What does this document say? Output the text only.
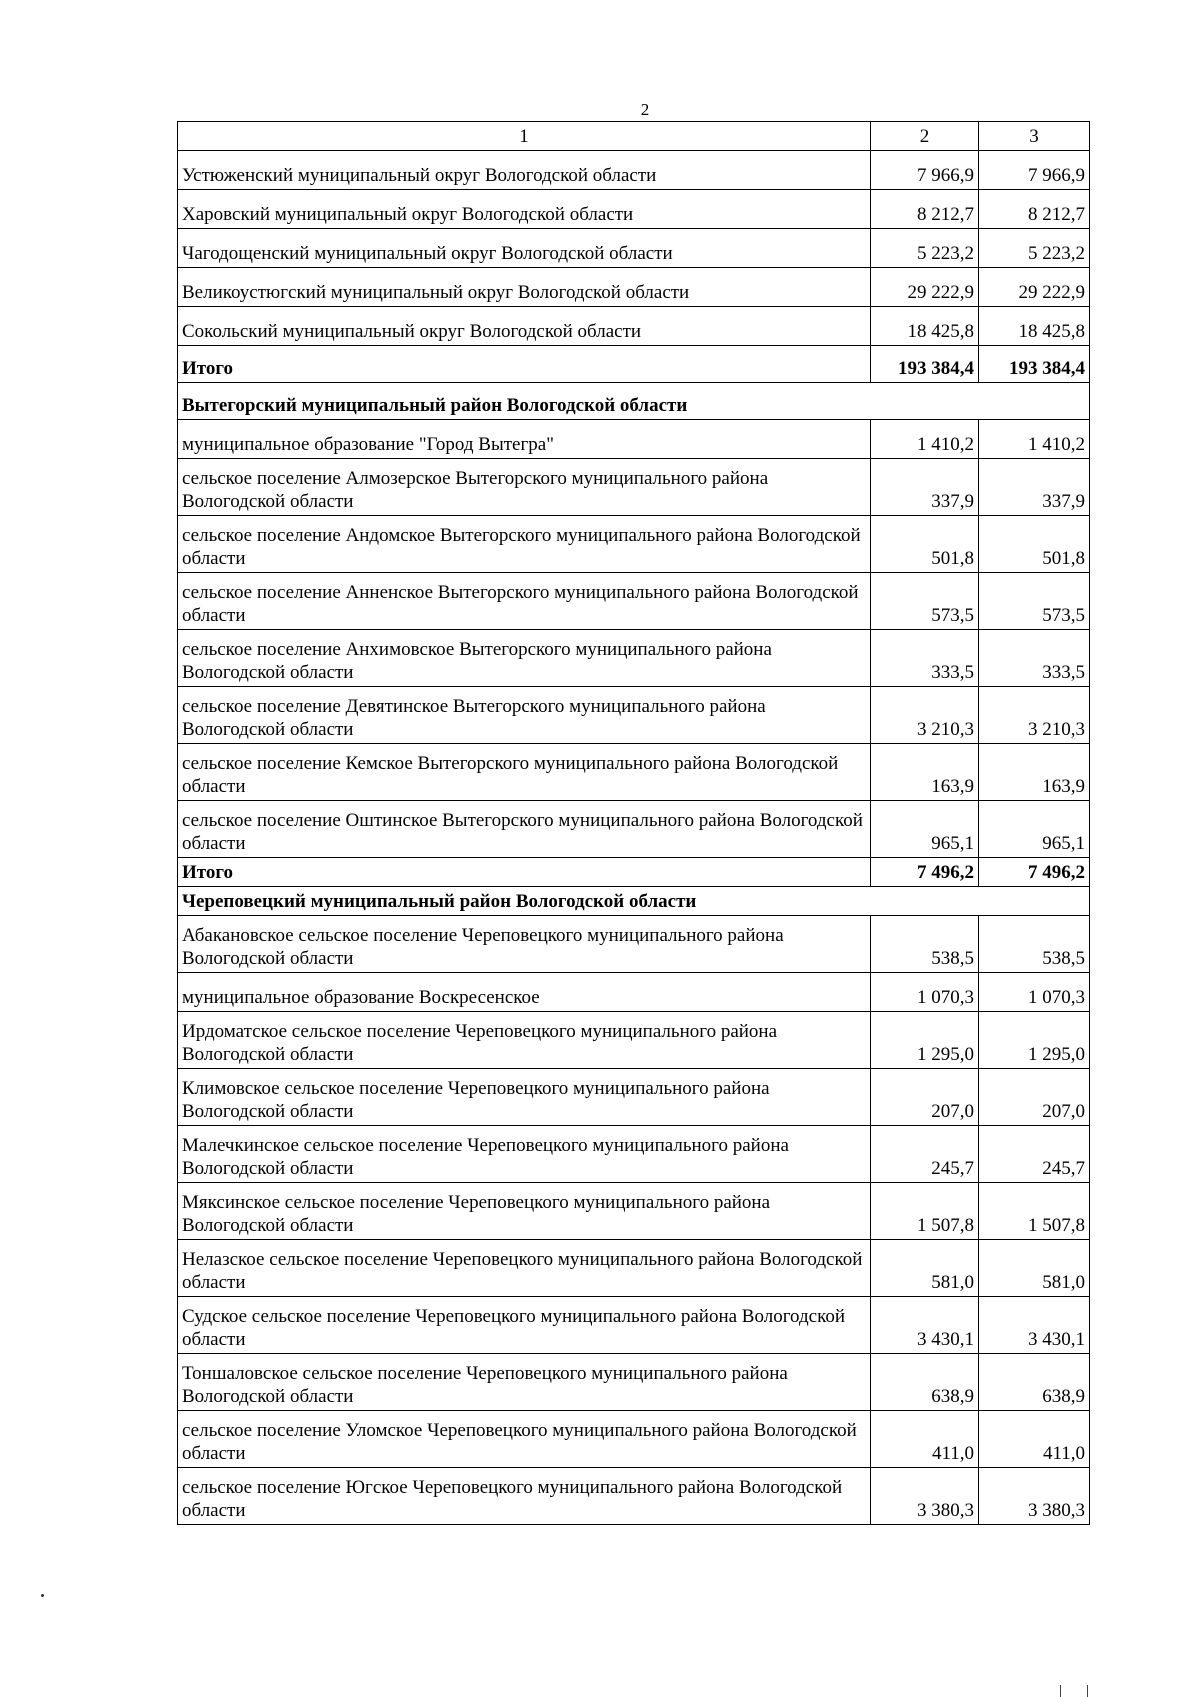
2
1	2	3
Устюженский муниципальный округ Вологодской области	7 966,9	7 966,9
Харовский муниципальный округ Вологодской области	8 212,7	8 212,7
Чагодощенский муниципальный округ Вологодской области	5 223,2	5 223,2
Великоустюгский муниципальный округ Вологодской области	29 222,9	29 222,9
Сокольский муниципальный округ Вологодской области	18 425,8	18 425,8
Итого	193 384,4	193 384,4
Вытегорский муниципальный район Вологодской области		
муниципальное образование "Город Вытегра"	1 410,2	1 410,2
сельское поселение Алмозерское Вытегорского муниципального района Вологодской области	337,9	337,9
сельское поселение Андомское Вытегорского муниципального района Вологодской области	501,8	501,8
сельское поселение Анненское Вытегорского муниципального района Вологодской области	573,5	573,5
сельское поселение Анхимовское Вытегорского муниципального района Вологодской области	333,5	333,5
сельское поселение Девятинское Вытегорского муниципального района Вологодской области	3 210,3	3 210,3
сельское поселение Кемское Вытегорского муниципального района Вологодской области	163,9	163,9
сельское поселение Оштинское Вытегорского муниципального района Вологодской области	965,1	965,1
Итого	7 496,2	7 496,2
Череповецкий муниципальный район Вологодской области		
Абакановское сельское поселение Череповецкого муниципального района Вологодской области	538,5	538,5
муниципальное образование Воскресенское	1 070,3	1 070,3
Ирдоматское сельское поселение Череповецкого муниципального района Вологодской области	1 295,0	1 295,0
Климовское сельское поселение Череповецкого муниципального района Вологодской области	207,0	207,0
Малечкинское сельское поселение Череповецкого муниципального района Вологодской области	245,7	245,7
Мяксинское сельское поселение Череповецкого муниципального района Вологодской области	1 507,8	1 507,8
Нелазское сельское поселение Череповецкого муниципального района Вологодской области	581,0	581,0
Судское сельское поселение Череповецкого муниципального района Вологодской области	3 430,1	3 430,1
Тоншаловское сельское поселение Череповецкого муниципального района Вологодской области	638,9	638,9
сельское поселение Уломское Череповецкого муниципального района Вологодской области	411,0	411,0
сельское поселение Югское Череповецкого муниципального района Вологодской области	3 380,3	3 380,3
